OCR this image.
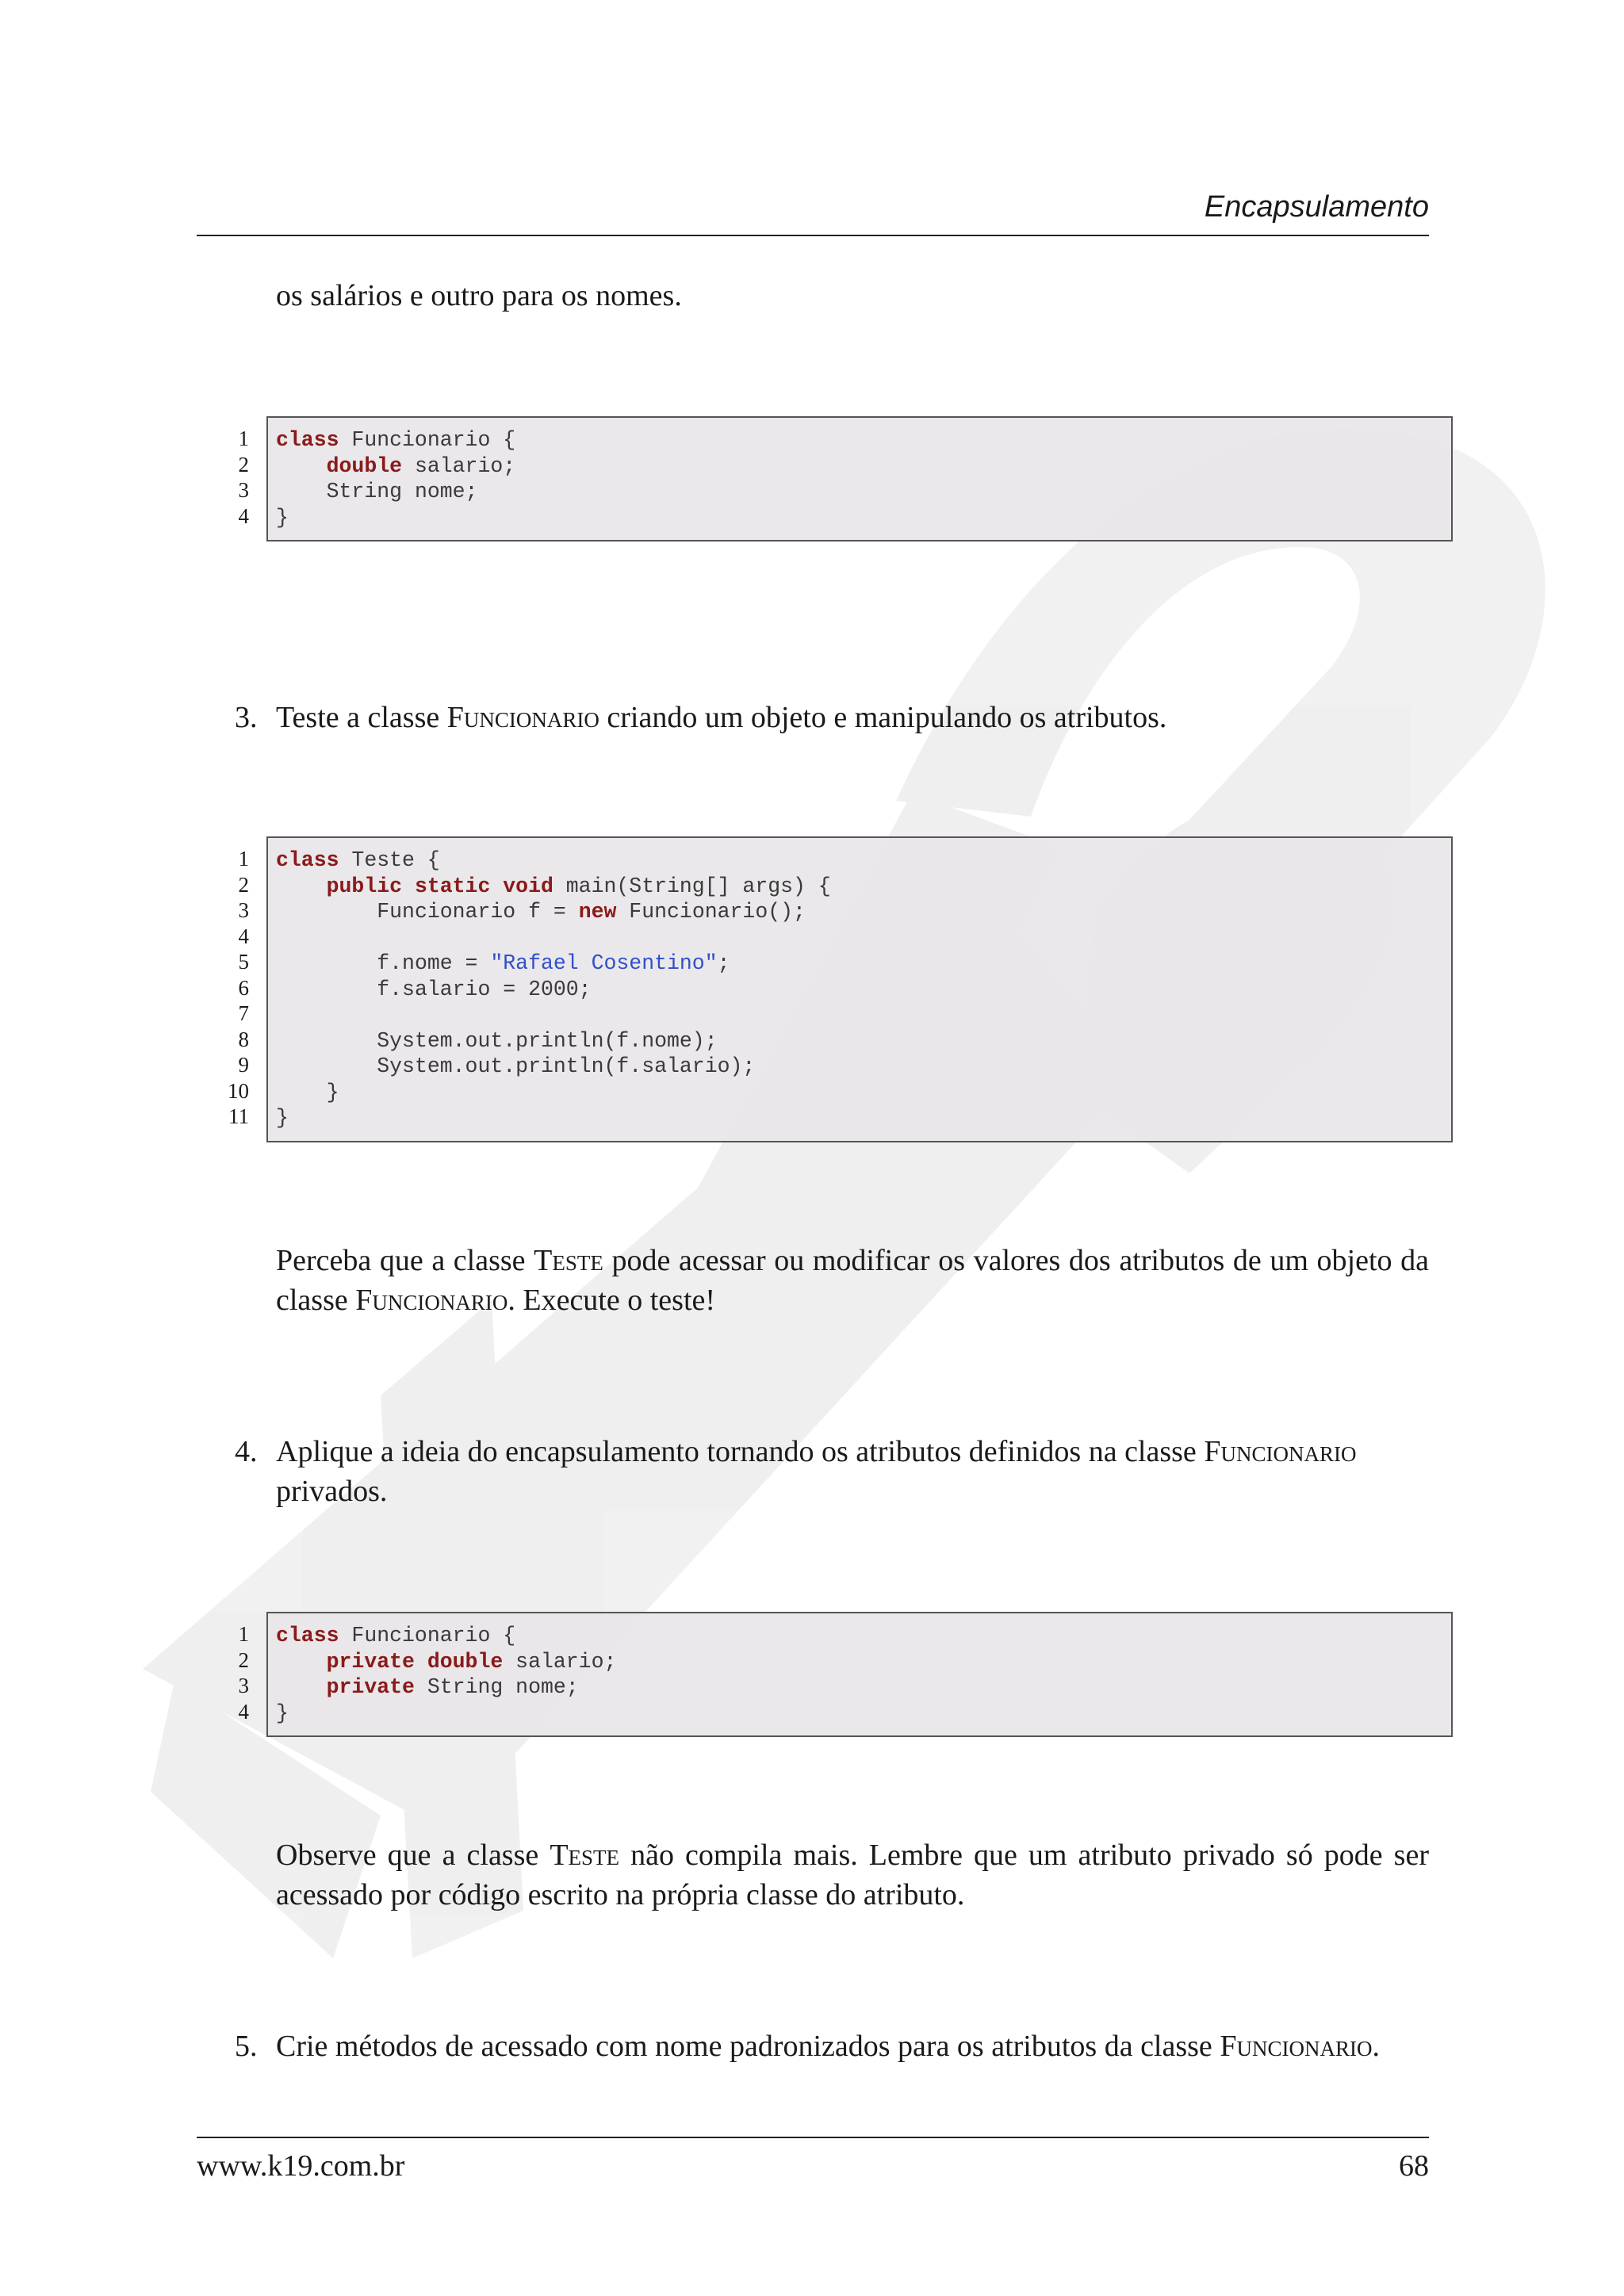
Encapsulamento
os salários e outro para os nomes.
1
2
3
4
class Funcionario {
double salario;
String nome;
}
3. Teste a classe Funcionario criando um objeto e manipulando os atributos.
1
2
3
4
5
6
7
8
9
10
11
class Teste {
public static void main(String[] args) {
Funcionario f = new Funcionario();

f.nome = "Rafael Cosentino";
f.salario = 2000;

System.out.println(f.nome);
System.out.println(f.salario);
}
}
Perceba que a classe Teste pode acessar ou modificar os valores dos atributos de um objeto da classe Funcionario. Execute o teste!
4. Aplique a ideia do encapsulamento tornando os atributos definidos na classe Funcionario privados.
1
2
3
4
class Funcionario {
private double salario;
private String nome;
}
Observe que a classe Teste não compila mais. Lembre que um atributo privado só pode ser acessado por código escrito na própria classe do atributo.
5. Crie métodos de acessado com nome padronizados para os atributos da classe Funcionario.
www.k19.com.br	68
